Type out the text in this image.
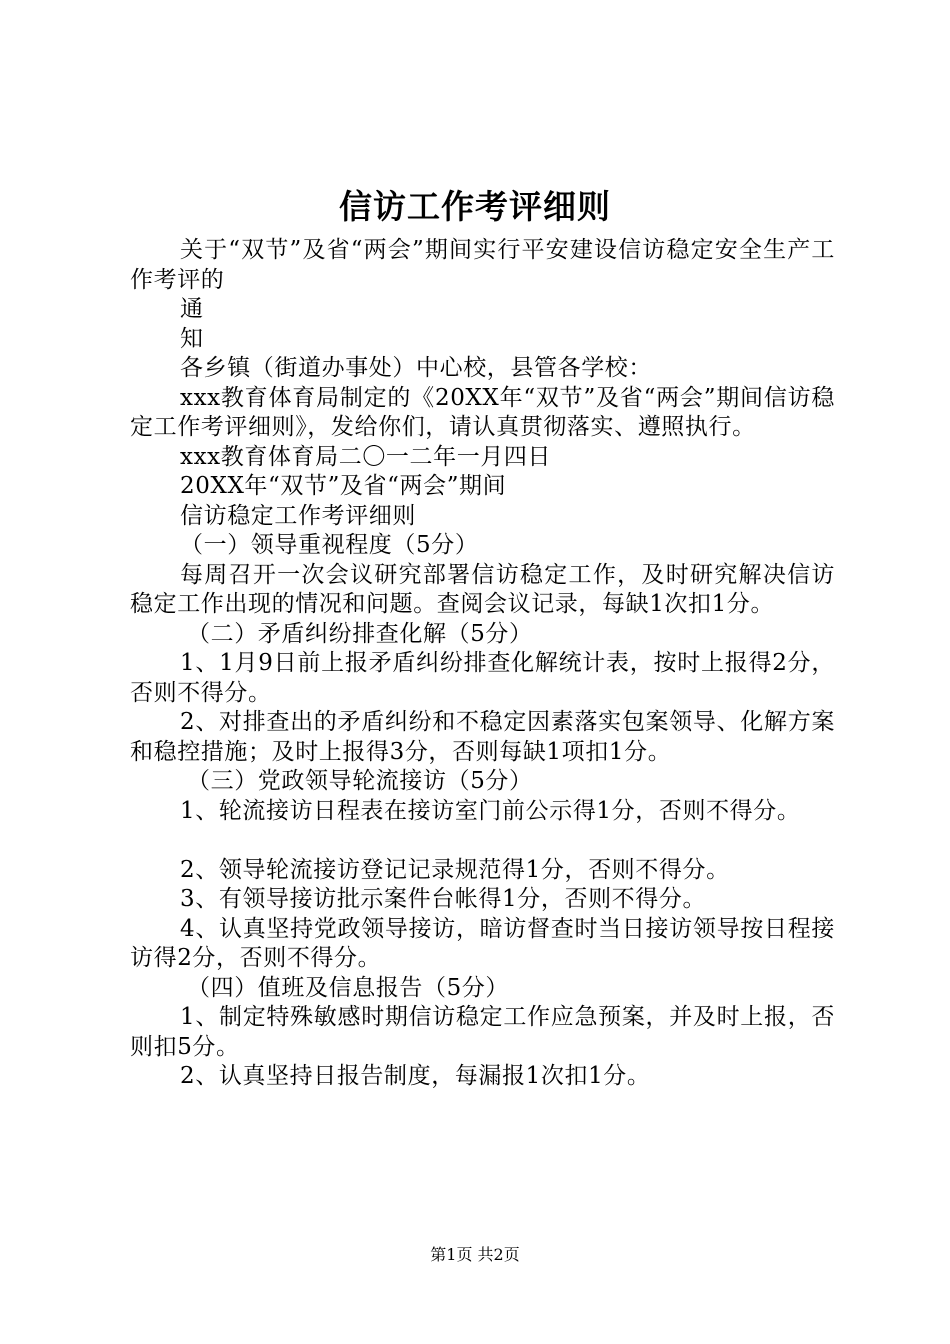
信访工作考评细则

关于“双节”及省“两会”期间实行平安建设信访稳定安全生产工作考评的

通

知

各乡镇（街道办事处）中心校，县管各学校：

xxx教育体育局制定的《20XX年“双节”及省“两会”期间信访稳定工作考评细则》，发给你们，请认真贯彻落实、遵照执行。

xxx教育体育局二〇一二年一月四日

20XX年“双节”及省“两会”期间

信访稳定工作考评细则

（一）领导重视程度（5分）

每周召开一次会议研究部署信访稳定工作，及时研究解决信访稳定工作出现的情况和问题。查阅会议记录，每缺1次扣1分。

（二）矛盾纠纷排查化解（5分）

1、1月9日前上报矛盾纠纷排查化解统计表，按时上报得2分，否则不得分。

2、对排查出的矛盾纠纷和不稳定因素落实包案领导、化解方案和稳控措施；及时上报得3分，否则每缺1项扣1分。

（三）党政领导轮流接访（5分）

1、轮流接访日程表在接访室门前公示得1分，否则不得分。

2、领导轮流接访登记记录规范得1分，否则不得分。

3、有领导接访批示案件台帐得1分，否则不得分。

4、认真坚持党政领导接访，暗访督查时当日接访领导按日程接访得2分，否则不得分。

（四）值班及信息报告（5分）

1、制定特殊敏感时期信访稳定工作应急预案，并及时上报，否则扣5分。

2、认真坚持日报告制度，每漏报1次扣1分。

第1页 共2页
